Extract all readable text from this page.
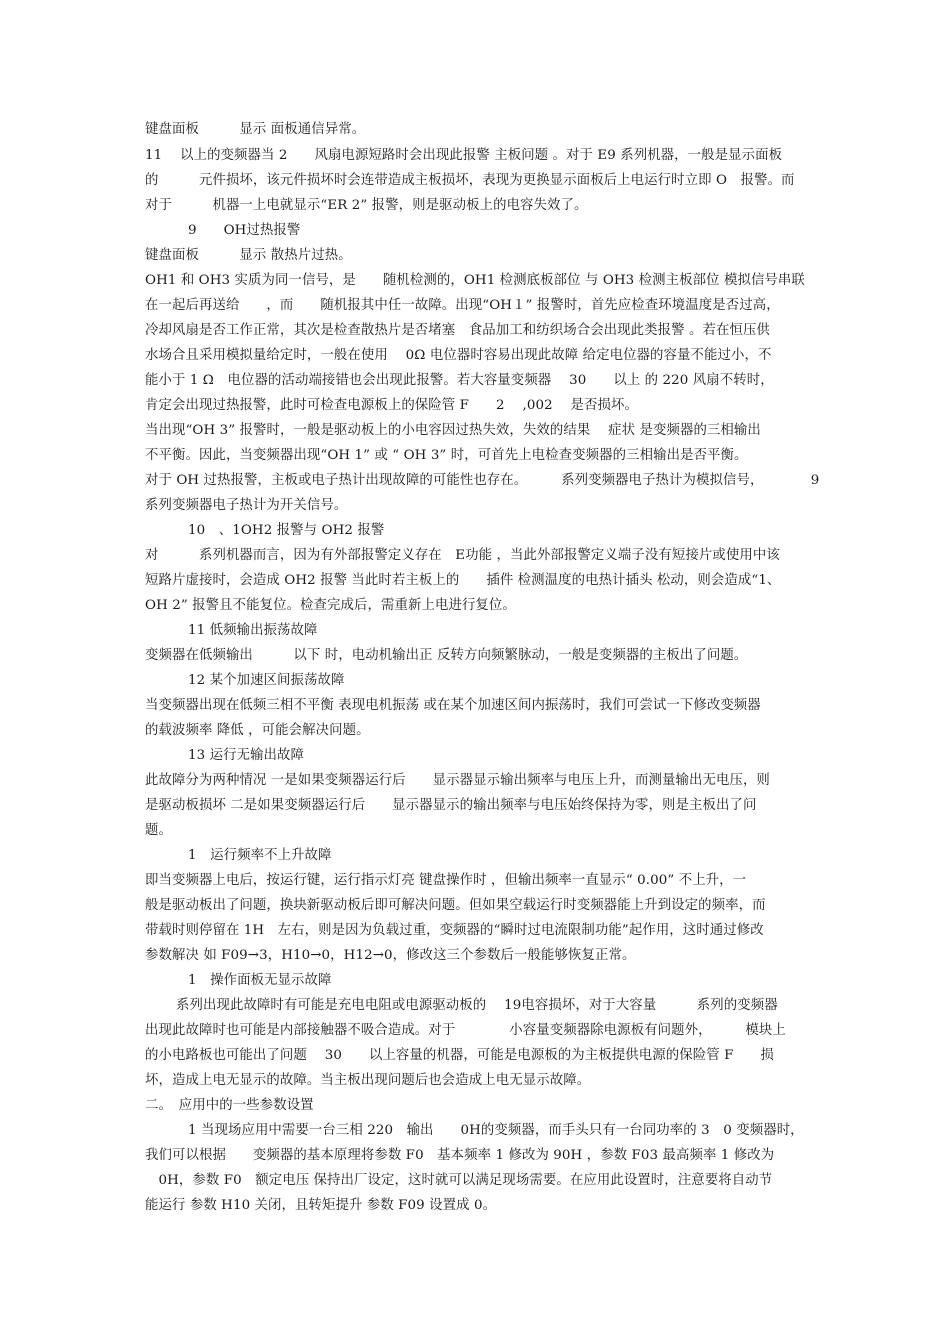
键盘面板　　　显示 面板通信异常。
11　 以上的变频器当 2　　风扇电源短路时会出现此报警 主板问题 。对于 E9 系列机器，一般是显示面板
的　　　元件损坏，该元件损坏时会连带造成主板损坏，表现为更换显示面板后上电运行时立即 O　报警。而
对于　　　机器一上电就显示“ER 2” 报警，则是驱动板上的电容失效了。
9　　OH过热报警
键盘面板　　　显示 散热片过热。
OH1 和 OH3 实质为同一信号，是　　随机检测的，OH1 检测底板部位 与 OH3 检测主板部位 模拟信号串联
在一起后再送给　　，而　　随机报其中任一故障。出现“OH１” 报警时，首先应检查环境温度是否过高，
冷却风扇是否工作正常，其次是检查散热片是否堵塞　食品加工和纺织场合会出现此类报警 。若在恒压供
水场合且采用模拟量给定时，一般在使用　 0Ω 电位器时容易出现此故障 给定电位器的容量不能过小，不
能小于 1 Ω　电位器的活动端接错也会出现此报警。若大容量变频器　 30　　以上 的 220 风扇不转时，
肯定会出现过热报警，此时可检查电源板上的保险管 F　　2　 ,002　 是否损坏。
当出现“OH 3” 报警时，一般是驱动板上的小电容因过热失效，失效的结果　 症状 是变频器的三相输出
不平衡。因此，当变频器出现“OH 1” 或 “ OH 3” 时，可首先上电检查变频器的三相输出是否平衡。
对于 OH 过热报警，主板或电子热计出现故障的可能性也存在。　　　系列变频器电子热计为模拟信号，　　　　9
系列变频器电子热计为开关信号。
10　、1OH2 报警与 OH2 报警
对　　　系列机器而言，因为有外部报警定义存在　E功能 ，当此外部报警定义端子没有短接片或使用中该
短路片虚接时，会造成 OH2 报警 当此时若主板上的　　插件 检测温度的电热计插头 松动，则会造成“1、
OH 2” 报警且不能复位。检查完成后，需重新上电进行复位。
11 低频输出振荡故障
变频器在低频输出　　　以下 时，电动机输出正 反转方向频繁脉动，一般是变频器的主板出了问题。
12 某个加速区间振荡故障
当变频器出现在低频三相不平衡 表现电机振荡 或在某个加速区间内振荡时，我们可尝试一下修改变频器
的载波频率 降低 ，可能会解决问题。
13 运行无输出故障
此故障分为两种情况 一是如果变频器运行后　　显示器显示输出频率与电压上升，而测量输出无电压，则
是驱动板损坏 二是如果变频器运行后　　显示器显示的输出频率与电压始终保持为零，则是主板出了问
题。
1　运行频率不上升故障
即当变频器上电后，按运行键，运行指示灯亮 键盘操作时 ，但输出频率一直显示“ 0.00” 不上升，一
般是驱动板出了问题，换块新驱动板后即可解决问题。但如果空载运行时变频器能上升到设定的频率，而
带载时则停留在 1H　左右，则是因为负载过重，变频器的“瞬时过电流限制功能”起作用，这时通过修改
参数解决 如 F09→3，H10→0，H12→0，修改这三个参数后一般能够恢复正常。
1　操作面板无显示故障
系列出现此故障时有可能是充电电阻或电源驱动板的　 19电容损坏，对于大容量　　　系列的变频器
出现此故障时也可能是内部接触器不吸合造成。对于　　　　小容量变频器除电源板有问题外，　　　模块上
的小电路板也可能出了问题　 30　　以上容量的机器，可能是电源板的为主板提供电源的保险管 F　　损
坏，造成上电无显示的故障。当主板出现问题后也会造成上电无显示故障。
二。　应用中的一些参数设置
1 当现场应用中需要一台三相 220　输出　　0H的变频器，而手头只有一台同功率的 3　0 变频器时，
我们可以根据　　变频器的基本原理将参数 F0　基本频率 1 修改为 90H ，参数 F03 最高频率 1 修改为
　0H，参数 F0　额定电压 保持出厂设定，这时就可以满足现场需要。在应用此设置时，注意要将自动节
能运行 参数 H10 关闭，且转矩提升 参数 F09 设置成 0。
